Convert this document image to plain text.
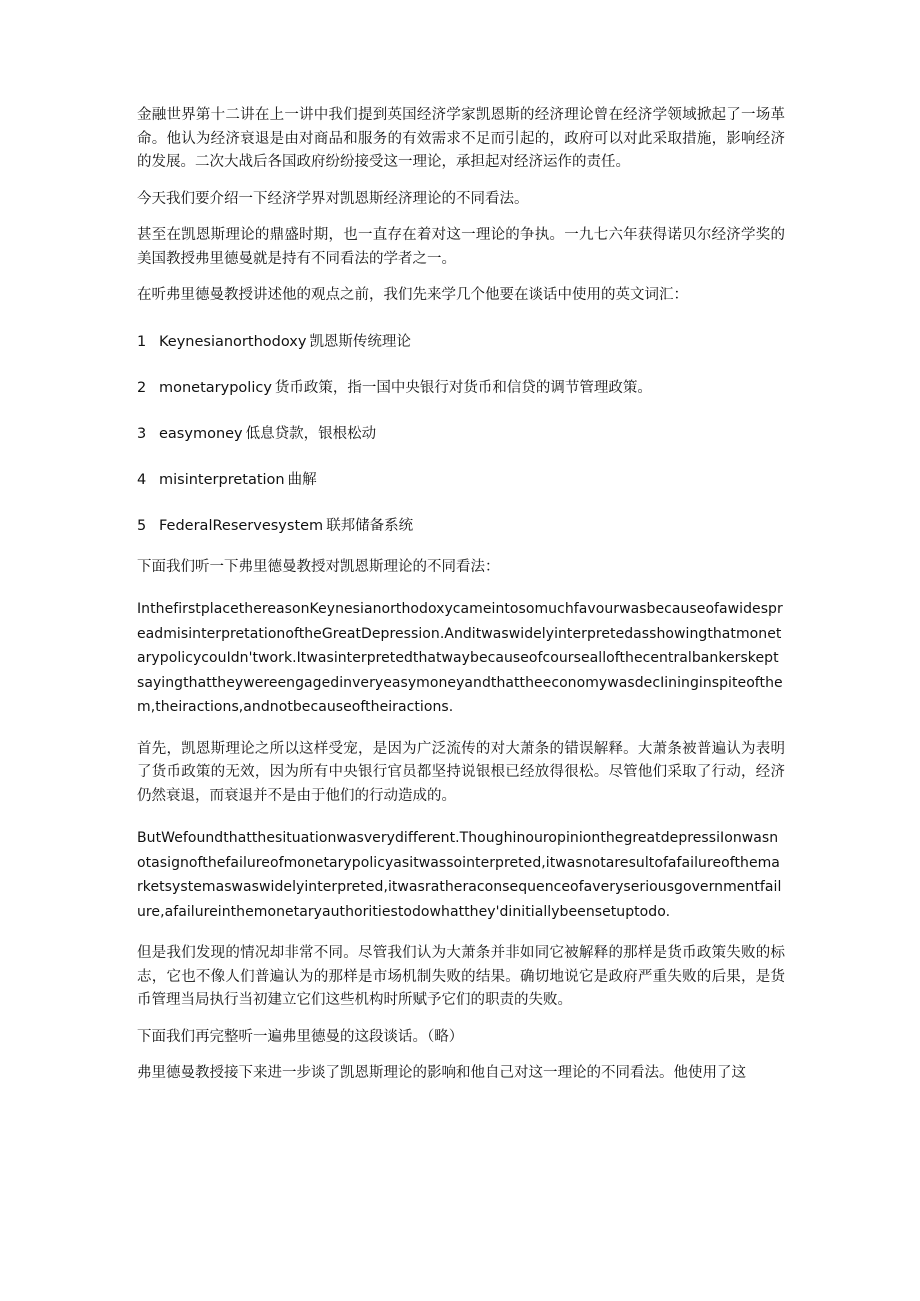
金融世界第十二讲在上一讲中我们提到英国经济学家凯恩斯的经济理论曾在经济学领域掀起了一场革命。他认为经济衰退是由对商品和服务的有效需求不足而引起的，政府可以对此采取措施，影响经济的发展。二次大战后各国政府纷纷接受这一理论，承担起对经济运作的责任。

今天我们要介绍一下经济学界对凯恩斯经济理论的不同看法。

甚至在凯恩斯理论的鼎盛时期，也一直存在着对这一理论的争执。一九七六年获得诺贝尔经济学奖的美国教授弗里德曼就是持有不同看法的学者之一。

在听弗里德曼教授讲述他的观点之前，我们先来学几个他要在谈话中使用的英文词汇：

1 Keynesianorthodoxy 凯恩斯传统理论

2 monetarypolicy 货币政策，指一国中央银行对货币和信贷的调节管理政策。

3 easymoney 低息贷款，银根松动

4 misinterpretation 曲解

5 FederalReservesystem 联邦储备系统

下面我们听一下弗里德曼教授对凯恩斯理论的不同看法：

InthefirstplacethereasonKeynesianorthodoxycameintosomuchfavourwasbecauseofawidespreadmisinterpretationoftheGreatDepression.AnditwaswidelyinterpretedasshowingthatmonetarypolicycouIdn'twork.ItwasinterpretedthatwaybecauseofcourseallofthecentralbankerskeptsayingthattheywereengagedinveryeasymoneyandthattheeconomywasdecIininginspiteofthem,theiractions,andnotbecauseoftheiractions.

首先，凯恩斯理论之所以这样受宠，是因为广泛流传的对大萧条的错误解释。大萧条被普遍认为表明了货币政策的无效，因为所有中央银行官员都坚持说银根已经放得很松。尽管他们采取了行动，经济仍然衰退，而衰退并不是由于他们的行动造成的。

ButWefoundthatthesituationwasverydifferent.ThoughinouropinionthegreatdepressiIonwasnotasignofthefailureofmonetarypolicyasitwassointerpreted,itwasnotaresultofafailureofthemarketsystemaswaswidelyinterpreted,itwasratheraconsequenceofaveryseriousgovernmentfailure,afailureinthemonetaryauthoritiestodowhatthey'dinitiallybeensetuptodo.

但是我们发现的情况却非常不同。尽管我们认为大萧条并非如同它被解释的那样是货币政策失败的标志，它也不像人们普遍认为的那样是市场机制失败的结果。确切地说它是政府严重失败的后果，是货币管理当局执行当初建立它们这些机构时所赋予它们的职责的失败。

下面我们再完整听一遍弗里德曼的这段谈话。（略）

弗里德曼教授接下来进一步谈了凯恩斯理论的影响和他自己对这一理论的不同看法。他使用了这
